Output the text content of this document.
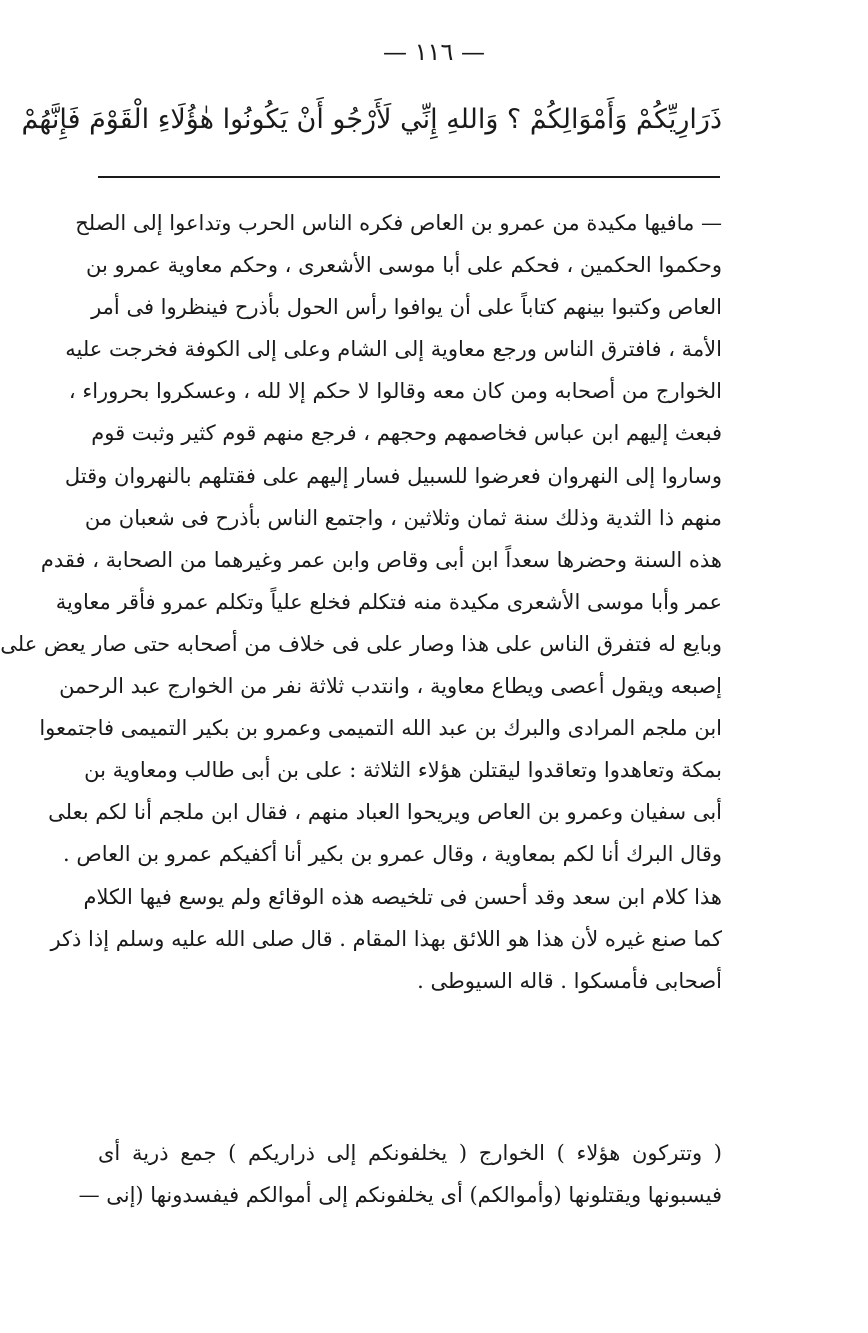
— ١١٦ —
ذَرَارِيِّكُمْ وَأَمْوَالِكُمْ ؟ وَاللهِ إِنِّي لَأَرْجُو أَنْ يَكُونُوا هٰؤُلَاءِ الْقَوْمَ فَإِنَّهُمْ
— مافيها مكيدة من عمرو بن العاص فكره الناس الحرب وتداعوا إلى الصلح
وحكموا الحكمين ، فحكم على أبا موسى الأشعرى ، وحكم معاوية عمرو بن
العاص وكتبوا بينهم كتاباً على أن يوافوا رأس الحول بأذرح فينظروا فى أمر
الأمة ، فافترق الناس ورجع معاوية إلى الشام وعلى إلى الكوفة فخرجت عليه
الخوارج من أصحابه ومن كان معه وقالوا لا حكم إلا لله ، وعسكروا بحروراء ،
فبعث إليهم ابن عباس فخاصمهم وحجهم ، فرجع منهم قوم كثير وثبت قوم
وساروا إلى النهروان فعرضوا للسبيل فسار إليهم على فقتلهم بالنهروان وقتل
منهم ذا الثدية وذلك سنة ثمان وثلاثين ، واجتمع الناس بأذرح فى شعبان من
هذه السنة وحضرها سعداً ابن أبى وقاص وابن عمر وغيرهما من الصحابة ، فقدم
عمر وأبا موسى الأشعرى مكيدة منه فتكلم فخلع علياً وتكلم عمرو فأقر معاوية
وبايع له فتفرق الناس على هذا وصار على فى خلاف من أصحابه حتى صار يعض على
إصبعه ويقول أعصى ويطاع معاوية ، وانتدب ثلاثة نفر من الخوارج عبد الرحمن
ابن ملجم المرادى والبرك بن عبد الله التميمى وعمرو بن بكير التميمى فاجتمعوا
بمكة وتعاهدوا وتعاقدوا ليقتلن هؤلاء الثلاثة : على بن أبى طالب ومعاوية بن
أبى سفيان وعمرو بن العاص ويريحوا العباد منهم ، فقال ابن ملجم أنا لكم بعلى
وقال البرك أنا لكم بمعاوية ، وقال عمرو بن بكير أنا أكفيكم عمرو بن العاص .
هذا كلام ابن سعد وقد أحسن فى تلخيصه هذه الوقائع ولم يوسع فيها الكلام
كما صنع غيره لأن هذا هو اللائق بهذا المقام . قال صلى الله عليه وسلم إذا ذكر
أصحابى فأمسكوا . قاله السيوطى .
( وتتركون هؤلاء ) الخوارج ( يخلفونكم إلى ذراريكم ) جمع ذرية أى
فيسبونها ويقتلونها (وأموالكم) أى يخلفونكم إلى أموالكم فيفسدونها (إنى —
